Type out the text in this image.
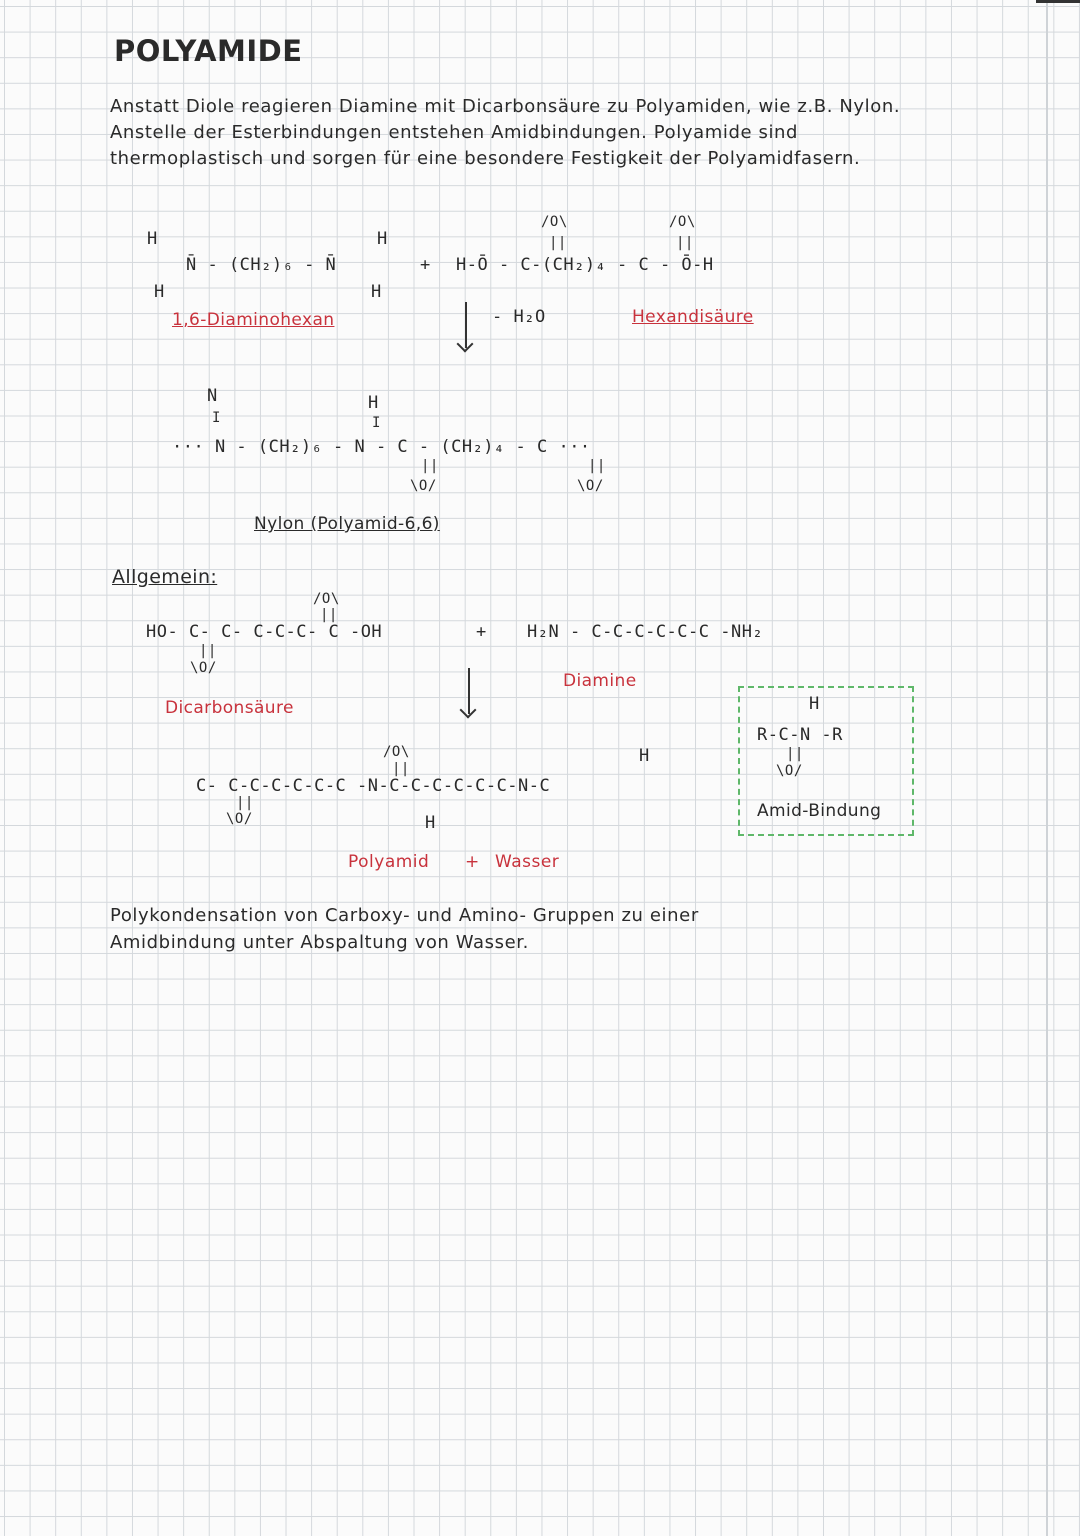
POLYAMIDE
Anstatt Diole reagieren Diamine mit Dicarbonsäure zu Polyamiden, wie z.B. Nylon. Anstelle der Esterbindungen entstehen Amidbindungen. Polyamide sind thermoplastisch und sorgen für eine besondere Festigkeit der Polyamidfasern.
H
H
N̄ - (CH₂)₆ - N̄
H
H
+
/O\
||
/O\
||
H-Ō - C-(CH₂)₄ - C - Ō-H
1,6-Diaminohexan	- H₂O	Hexandisäure
N
I
H
I
··· N - (CH₂)₆ - N - C - (CH₂)₄ - C ···
||	||
\O/	\O/
Nylon (Polyamid-6,6)
Allgemein:
/O\
||
HO- C- C- C-C-C- C -OH
||
\O/
+ H₂N - C-C-C-C-C-C -NH₂
Diamine
Dicarbonsäure
/O\
||
H
C- C-C-C-C-C-C -N-C-C-C-C-C-C-N-C
||
\O/	H
Polyamid + Wasser
H
R-C-N -R
||
\O/
Amid-Bindung
Polykondensation von Carboxy- und Amino- Gruppen zu einer
Amidbindung unter Abspaltung von Wasser.
